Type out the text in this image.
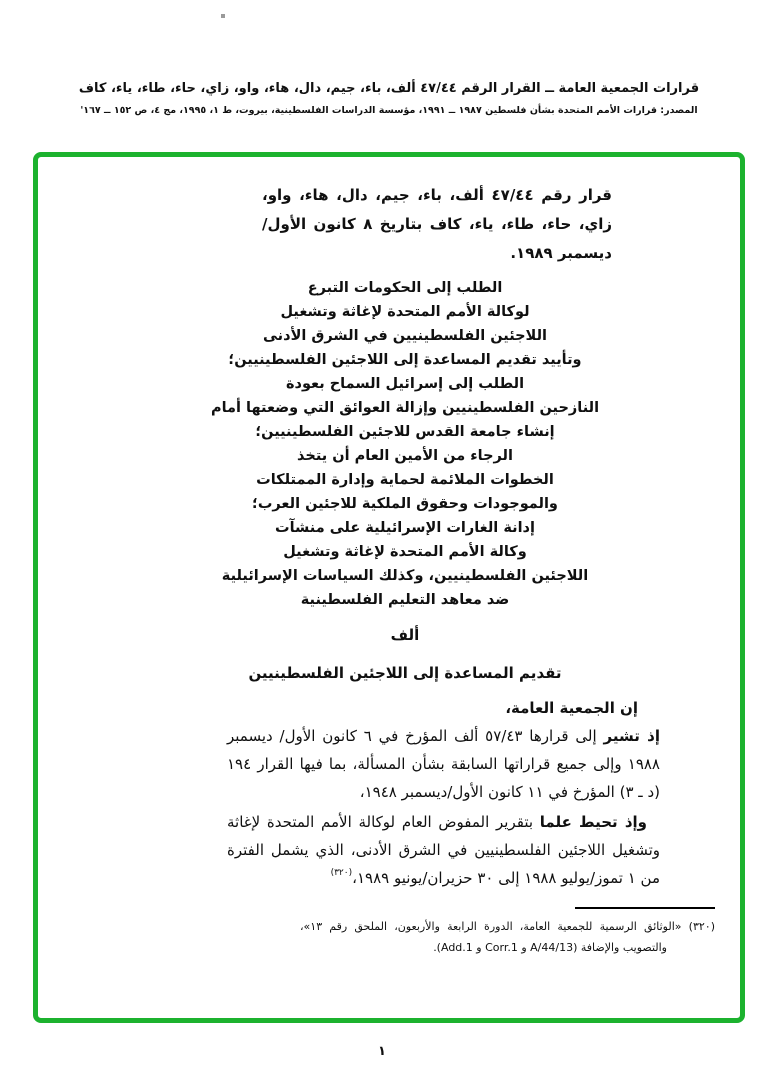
قرارات الجمعية العامة ــ القرار الرقم ٤٧/٤٤ ألف، باء، جيم، دال، هاء، واو، زاي، حاء، طاء، ياء، كاف
المصدر: قرارات الأمم المتحدة بشأن فلسطين ⁦١٩٨٧ ــ ١٩٩١⁩، مؤسسة الدراسات الفلسطينية، بيروت، ط ١، ١٩٩٥، مج ٤، ص ⁦١٥٢ ــ ١٦٧⁩'

قرار رقم ٤٧/٤٤ ألف، باء، جيم، دال، هاء، واو، زاي، حاء، طاء، ياء، كاف بتاريخ ٨ كانون الأول/ديسمبر ١٩٨٩.

الطلب إلى الحكومات التبرع
لوكالة الأمم المتحدة لإغاثة وتشغيل
اللاجئين الفلسطينيين في الشرق الأدنى
وتأييد تقديم المساعدة إلى اللاجئين الفلسطينيين؛
الطلب إلى إسرائيل السماح بعودة
النازحين الفلسطينيين وإزالة العوائق التي وضعتها أمام
إنشاء جامعة القدس للاجئين الفلسطينيين؛
الرجاء من الأمين العام أن يتخذ
الخطوات الملائمة لحماية وإدارة الممتلكات
والموجودات وحقوق الملكية للاجئين العرب؛
إدانة الغارات الإسرائيلية على منشآت
وكالة الأمم المتحدة لإغاثة وتشغيل
اللاجئين الفلسطينيين، وكذلك السياسات الإسرائيلية
ضد معاهد التعليم الفلسطينية
ألف
تقديم المساعدة إلى اللاجئين الفلسطينيين

إن الجمعية العامة،

إذ تشير إلى قرارها ٥٧/٤٣ ألف المؤرخ في ٦ كانون الأول/ ديسمبر ١٩٨٨ وإلى جميع قراراتها السابقة بشأن المسألة، بما فيها القرار ١٩٤ (د ـ ٣) المؤرخ في ١١ كانون الأول/ديسمبر ١٩٤٨،

وإذ تحيط علما بتقرير المفوض العام لوكالة الأمم المتحدة لإغاثة وتشغيل اللاجئين الفلسطينيين في الشرق الأدنى، الذي يشمل الفترة من ١ تموز/يوليو ١٩٨٨ إلى ٣٠ حزيران/يونيو ١٩٨٩،$^{(٣٢٠)}$

(٣٢٠) «الوثائق الرسمية للجمعية العامة، الدورة الرابعة والأربعون، الملحق رقم ١٣»، والتصويب والإضافة (A/44/13 و Corr.1 و Add.1).

١
